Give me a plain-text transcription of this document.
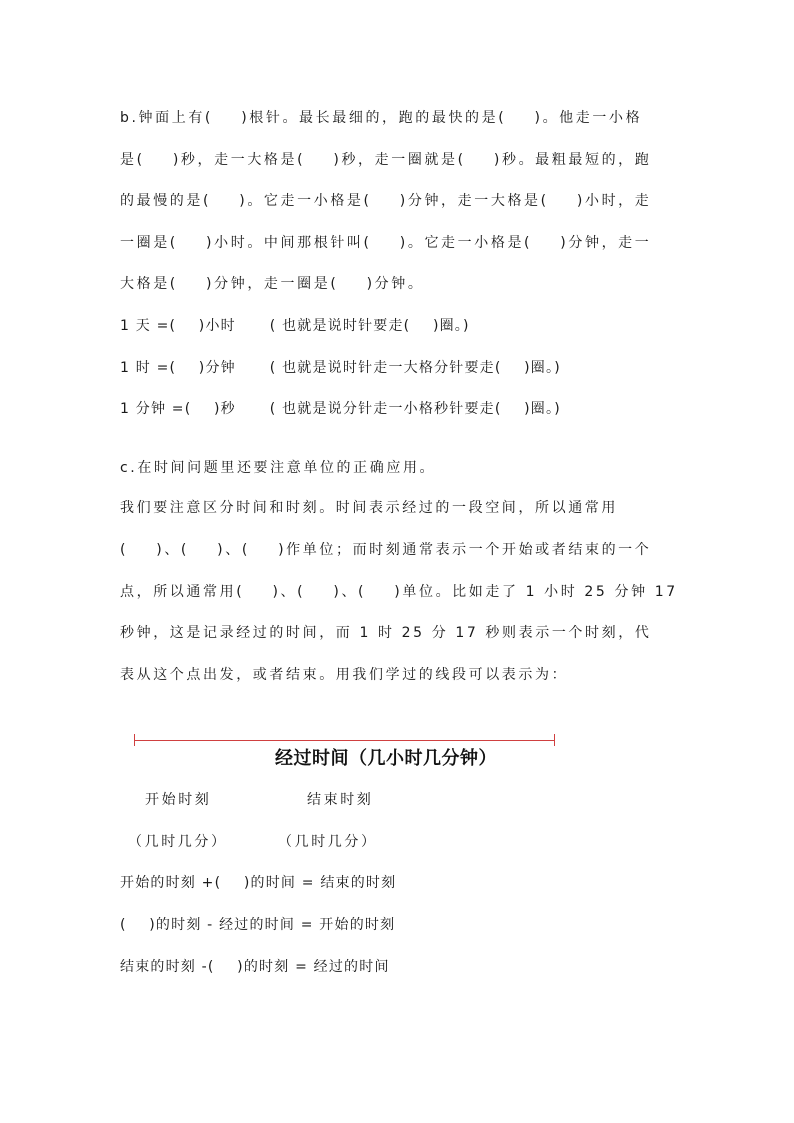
b.钟面上有(    )根针。最长最细的，跑的最快的是(    )。他走一小格
是(    )秒，走一大格是(    )秒，走一圈就是(    )秒。最粗最短的，跑
的最慢的是(    )。它走一小格是(    )分钟，走一大格是(    )小时，走
一圈是(    )小时。中间那根针叫(    )。它走一小格是(    )分钟，走一
大格是(    )分钟，走一圈是(    )分钟。
1 天 =(    )小时      ( 也就是说时针要走(    )圈。)
1 时 =(    )分钟      ( 也就是说时针走一大格分针要走(    )圈。)
1 分钟 =(    )秒      ( 也就是说分针走一小格秒针要走(    )圈。)
c.在时间问题里还要注意单位的正确应用。
我们要注意区分时间和时刻。时间表示经过的一段空间，所以通常用
(    )、(    )、(    )作单位；而时刻通常表示一个开始或者结束的一个
点，所以通常用(    )、(    )、(    )单位。比如走了 1 小时 25 分钟 17
秒钟，这是记录经过的时间，而 1 时 25 分 17 秒则表示一个时刻，代
表从这个点出发，或者结束。用我们学过的线段可以表示为：
经过时间（几小时几分钟）
开始时刻	结束时刻
（几时几分）	（几时几分）
开始的时刻 +(    )的时间 = 结束的时刻
(    )的时刻 - 经过的时间 = 开始的时刻
结束的时刻 -(    )的时刻 = 经过的时间
